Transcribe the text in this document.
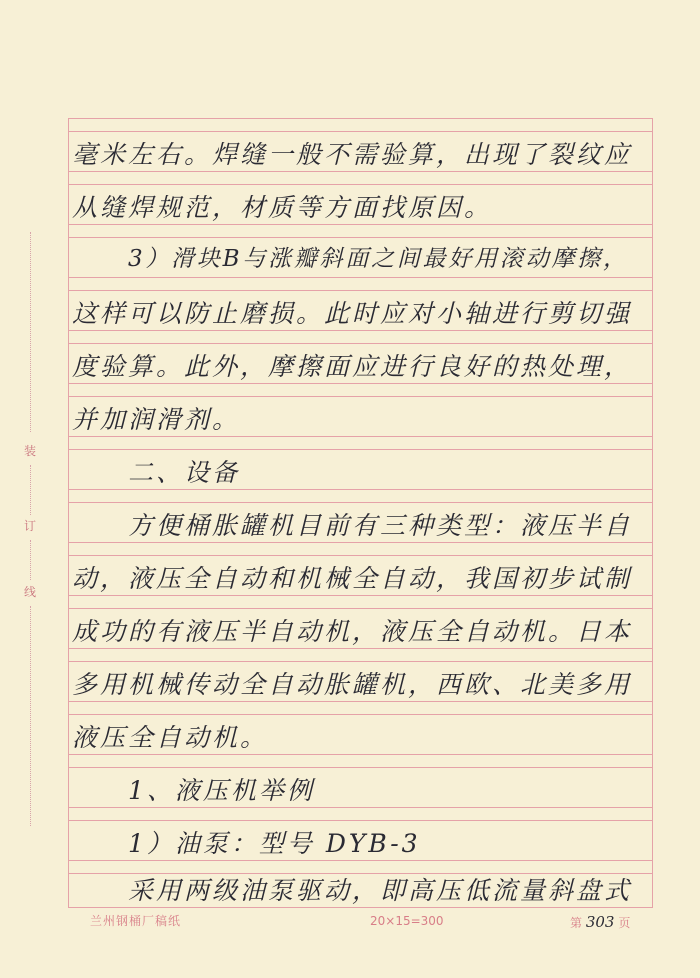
装
订
线
毫米左右。焊缝一般不需验算，出现了裂纹应
从缝焊规范，材质等方面找原因。
3）滑块B与涨瓣斜面之间最好用滚动摩擦，
这样可以防止磨损。此时应对小轴进行剪切强
度验算。此外，摩擦面应进行良好的热处理，
并加润滑剂。
二、设备
方便桶胀罐机目前有三种类型：液压半自
动，液压全自动和机械全自动，我国初步试制
成功的有液压半自动机，液压全自动机。日本
多用机械传动全自动胀罐机，西欧、北美多用
液压全自动机。
1、液压机举例
1）油泵：型号 DYB-3
采用两级油泵驱动，即高压低流量斜盘式
兰州钢桶厂稿纸	20×15=300	第 303 页
